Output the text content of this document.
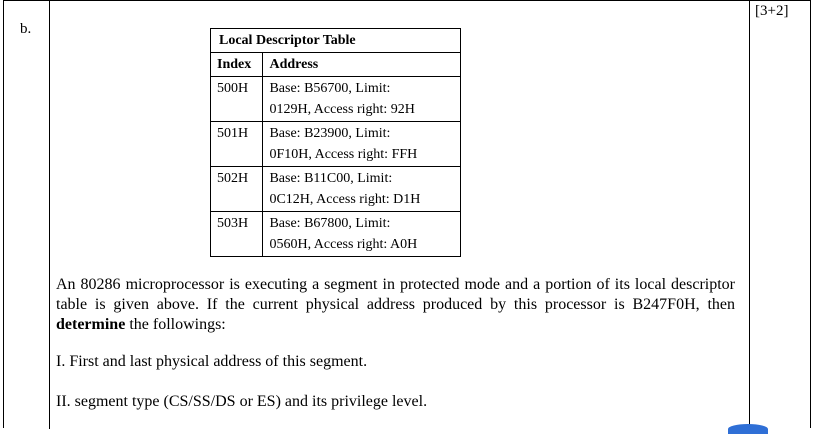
b.
[3+2]
Local Descriptor Table	
Index	Address
500H	Base: B56700, Limit:
0129H, Access right: 92H
501H	Base: B23900, Limit:
0F10H, Access right: FFH
502H	Base: B11C00, Limit:
0C12H, Access right: D1H
503H	Base: B67800, Limit:
0560H, Access right: A0H

An 80286 microprocessor is executing a segment in protected mode and a portion of its local descriptor table is given above. If the current physical address produced by this processor is B247F0H, then determine the followings:

I. First and last physical address of this segment.

II. segment type (CS/SS/DS or ES) and its privilege level.
